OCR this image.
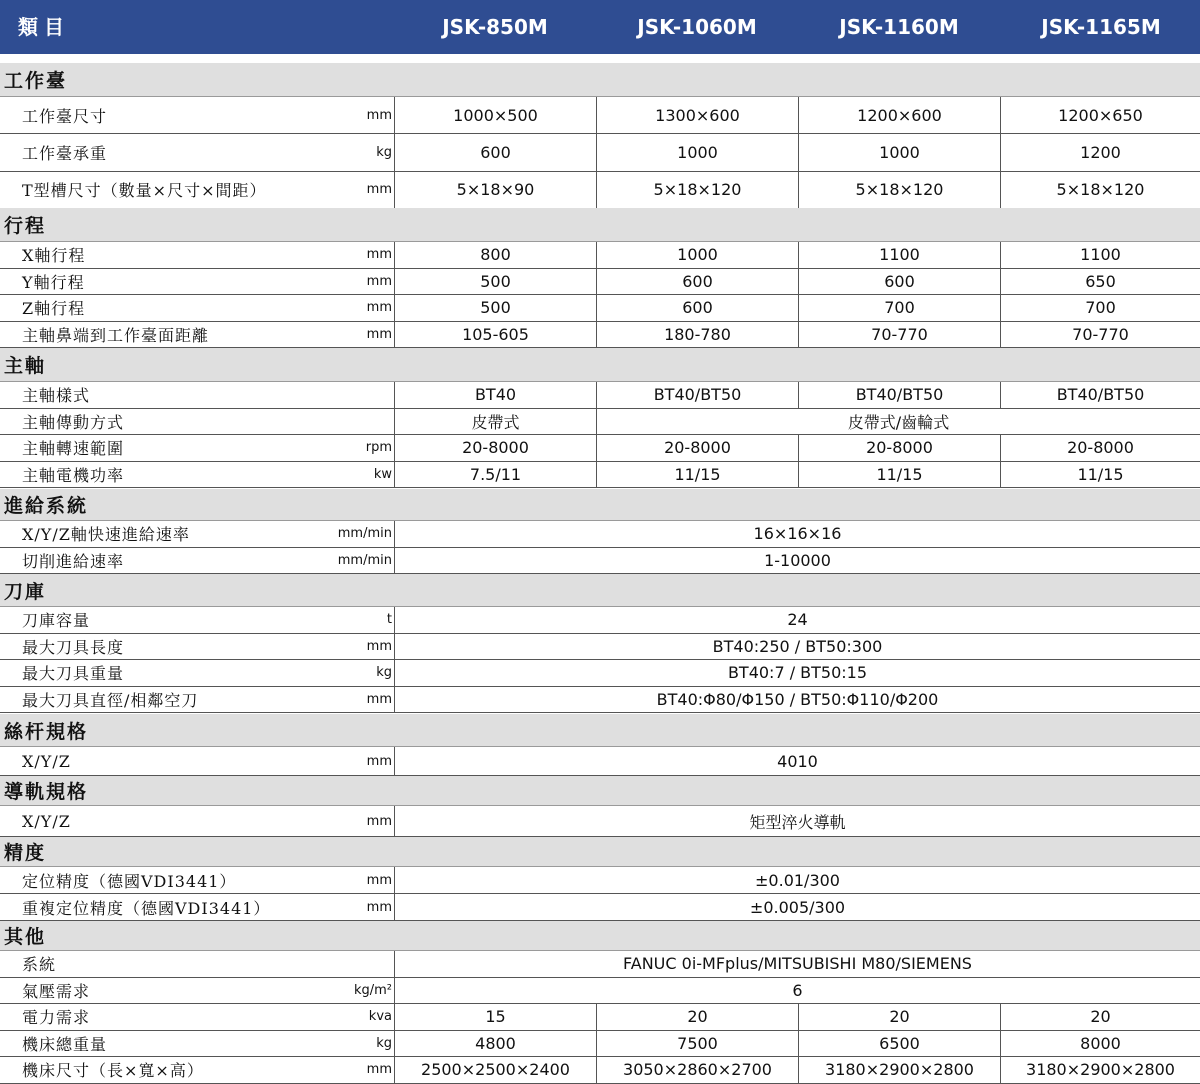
類目	JSK-850M	JSK-1060M	JSK-1160M	JSK-1165M
工作臺
工作臺尺寸	mm	1000×500	1300×600	1200×600	1200×650
工作臺承重	kg	600	1000	1000	1200
T型槽尺寸（數量×尺寸×間距）	mm	5×18×90	5×18×120	5×18×120	5×18×120
行程
X軸行程	mm	800	1000	1100	1100
Y軸行程	mm	500	600	600	650
Z軸行程	mm	500	600	700	700
主軸鼻端到工作臺面距離	mm	105-605	180-780	70-770	70-770
主軸
主軸樣式	BT40	BT40/BT50	BT40/BT50	BT40/BT50
主軸傳動方式	皮帶式	皮帶式/齒輪式
主軸轉速範圍	rpm	20-8000	20-8000	20-8000	20-8000
主軸電機功率	kw	7.5/11	11/15	11/15	11/15
進給系統
X/Y/Z軸快速進給速率	mm/min	16×16×16
切削進給速率	mm/min	1-10000
刀庫
刀庫容量	t	24
最大刀具長度	mm	BT40:250 / BT50:300
最大刀具重量	kg	BT40:7 / BT50:15
最大刀具直徑/相鄰空刀	mm	BT40:Φ80/Φ150 / BT50:Φ110/Φ200
絲杆規格
X/Y/Z	mm	4010
導軌規格
X/Y/Z	mm	矩型淬火導軌
精度
定位精度（德國VDI3441）	mm	±0.01/300
重複定位精度（德國VDI3441）	mm	±0.005/300
其他
系統	FANUC 0i-MFplus/MITSUBISHI M80/SIEMENS
氣壓需求	kg/m²	6
電力需求	kva	15	20	20	20
機床總重量	kg	4800	7500	6500	8000
機床尺寸（長×寬×高）	mm	2500×2500×2400	3050×2860×2700	3180×2900×2800	3180×2900×2800
